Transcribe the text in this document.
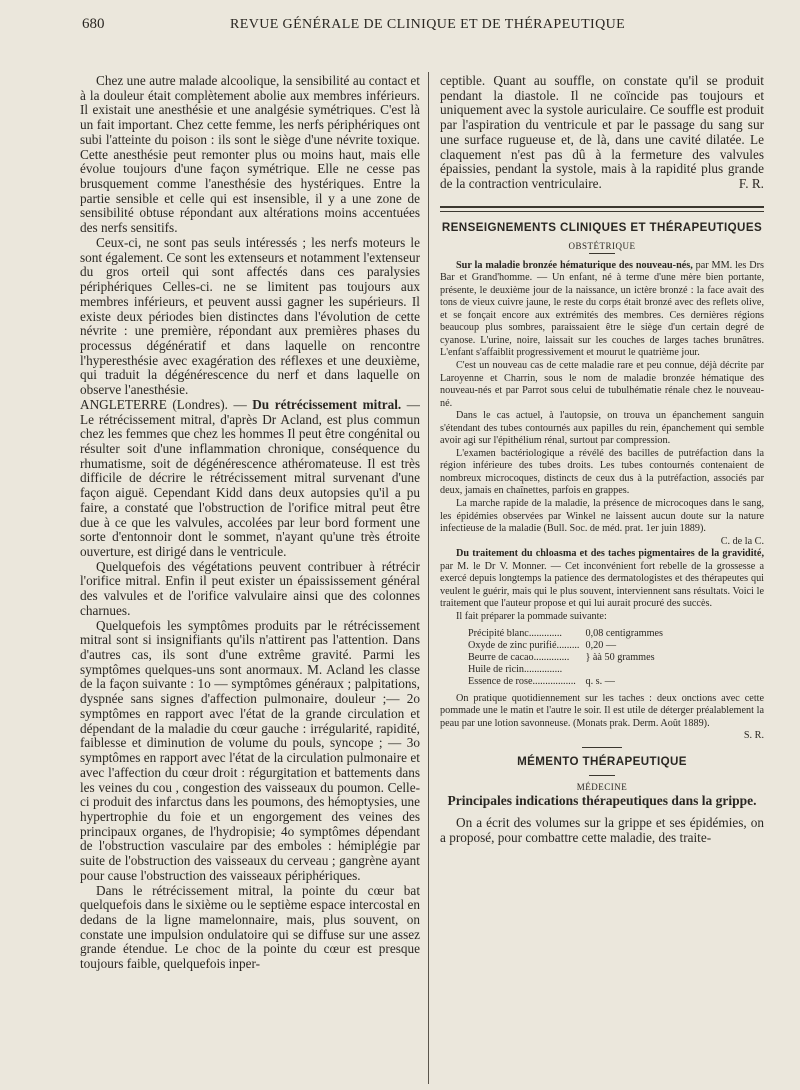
680	REVUE GÉNÉRALE DE CLINIQUE ET DE THÉRAPEUTIQUE

Chez une autre malade alcoolique, la sensibilité au contact et à la douleur était complètement abolie aux membres inférieurs. Il existait une anesthésie et une analgésie symétriques. C'est là un fait important. Chez cette femme, les nerfs périphériques ont subi l'atteinte du poison : ils sont le siège d'une névrite toxique. Cette anesthésie peut remonter plus ou moins haut, mais elle évolue toujours d'une façon symétrique. Elle ne cesse pas brusquement comme l'anesthésie des hystériques. Entre la partie sensible et celle qui est insensible, il y a une zone de sensibilité obtuse répondant aux altérations moins accentuées des nerfs sensitifs.

Ceux-ci, ne sont pas seuls intéressés ; les nerfs moteurs le sont également. Ce sont les extenseurs et notamment l'extenseur du gros orteil qui sont affectés dans ces paralysies périphériques Celles-ci. ne se limitent pas toujours aux membres inférieurs, et peuvent aussi gagner les supérieurs. Il existe deux périodes bien distinctes dans l'évolution de cette névrite : une première, répondant aux premières phases du processus dégénératif et dans laquelle on rencontre l'hyperesthésie avec exagération des réflexes et une deuxième, qui traduit la dégénérescence du nerf et dans laquelle on observe l'anesthésie.

ANGLETERRE (Londres). — Du rétrécissement mitral. — Le rétrécissement mitral, d'après Dr Acland, est plus commun chez les femmes que chez les hommes Il peut être congénital ou résulter soit d'une inflammation chronique, conséquence du rhumatisme, soit de dégénérescence athéromateuse. Il est très difficile de décrire le rétrécissement mitral survenant d'une façon aiguë. Cependant Kidd dans deux autopsies qu'il a pu faire, a constaté que l'obstruction de l'orifice mitral peut être due à ce que les valvules, accolées par leur bord forment une sorte d'entonnoir dont le sommet, n'ayant qu'une très étroite ouverture, est dirigé dans le ventricule.

Quelquefois des végétations peuvent contribuer à rétrécir l'orifice mitral. Enfin il peut exister un épaississement général des valvules et de l'orifice valvulaire ainsi que des colonnes charnues.

Quelquefois les symptômes produits par le rétrécissement mitral sont si insignifiants qu'ils n'attirent pas l'attention. Dans d'autres cas, ils sont d'une extrême gravité. Parmi les symptômes quelques-uns sont anormaux. M. Acland les classe de la façon suivante : 1o — symptômes généraux ; palpitations, dyspnée sans signes d'affection pulmonaire, douleur ;— 2o symptômes en rapport avec l'état de la grande circulation et dépendant de la maladie du cœur gauche : irrégularité, rapidité, faiblesse et diminution de volume du pouls, syncope ; — 3o symptômes en rapport avec l'état de la circulation pulmonaire et avec l'affection du cœur droit : régurgitation et battements dans les veines du cou , congestion des vaisseaux du poumon. Celle-ci produit des infarctus dans les poumons, des hémoptysies, une hypertrophie du foie et un engorgement des veines des principaux organes, de l'hydropisie; 4o symptômes dépendant de l'obstruction vasculaire par des emboles : hémiplégie par suite de l'obstruction des vaisseaux du cerveau ; gangrène ayant pour cause l'obstruction des vaisseaux périphériques.

Dans le rétrécissement mitral, la pointe du cœur bat quelquefois dans le sixième ou le septième espace intercostal en dedans de la ligne mamelonnaire, mais, plus souvent, on constate une impulsion ondulatoire qui se diffuse sur une assez grande étendue. Le choc de la pointe du cœur est presque toujours faible, quelquefois inper-

ceptible. Quant au souffle, on constate qu'il se produit pendant la diastole. Il ne coïncide pas toujours et uniquement avec la systole auriculaire. Ce souffle est produit par l'aspiration du ventricule et par le passage du sang sur une surface rugueuse et, de là, dans une cavité dilatée. Le claquement n'est pas dû à la fermeture des valvules épaissies, pendant la systole, mais à la rapidité plus grande de la contraction ventriculaire.	F. R.

RENSEIGNEMENTS CLINIQUES ET THÉRAPEUTIQUES
OBSTÉTRIQUE

Sur la maladie bronzée hématurique des nouveau-nés, par MM. les Drs Bar et Grand'homme. — Un enfant, né à terme d'une mère bien portante, présente, le deuxième jour de la naissance, un ictère bronzé : la face avait des tons de vieux cuivre jaune, le reste du corps était bronzé avec des reflets olive, et se fonçait encore aux extrémités des membres. Ces dernières régions beaucoup plus sombres, paraissaient être le siège d'un certain degré de cyanose. L'urine, noire, laissait sur les couches de larges taches brunâtres. L'enfant s'affaiblit progressivement et mourut le quatrième jour.

C'est un nouveau cas de cette maladie rare et peu connue, déjà décrite par Laroyenne et Charrin, sous le nom de maladie bronzée hématique des nouveau-nés et par Parrot sous celui de tubulhématie rénale chez le nouveau-né.

Dans le cas actuel, à l'autopsie, on trouva un épanchement sanguin s'étendant des tubes contournés aux papilles du rein, épanchement qui semble avoir agi sur l'épithélium rénal, surtout par compression.

L'examen bactériologique a révélé des bacilles de putréfaction dans la région inférieure des tubes droits. Les tubes contournés contenaient de nombreux microcoques, distincts de ceux dus à la putréfaction, associés par deux, jamais en chaînettes, parfois en grappes.

La marche rapide de la maladie, la présence de microcoques dans le sang, les épidémies observées par Winkel ne laissent aucun doute sur la nature infectieuse de la maladie (Bull. Soc. de méd. prat. 1er juin 1889).

C. de la C.

Du traitement du chloasma et des taches pigmentaires de la gravidité, par M. le Dr V. Monner. — Cet inconvénient fort rebelle de la grossesse a exercé depuis longtemps la patience des dermatologistes et des thérapeutes qui veulent le guérir, mais qui le plus souvent, interviennent sans résultats. Voici le traitement que l'auteur propose et qui lui aurait procuré des succès.

Il fait préparer la pommade suivante:

Précipité blanc.............	0,08 centigrammes
Oxyde de zinc purifié.........	0,20 —
Beurre de cacao..............	} àà 50 grammes
Huile de ricin...............	
Essence de rose.................	q. s. —

On pratique quotidiennement sur les taches : deux onctions avec cette pommade une le matin et l'autre le soir. Il est utile de déterger préalablement la peau par une lotion savonneuse. (Monats prak. Derm. Août 1889).

S. R.

MÉMENTO THÉRAPEUTIQUE
MÉDECINE
Principales indications thérapeutiques dans la grippe.

On a écrit des volumes sur la grippe et ses épidémies, on a proposé, pour combattre cette maladie, des traite-
